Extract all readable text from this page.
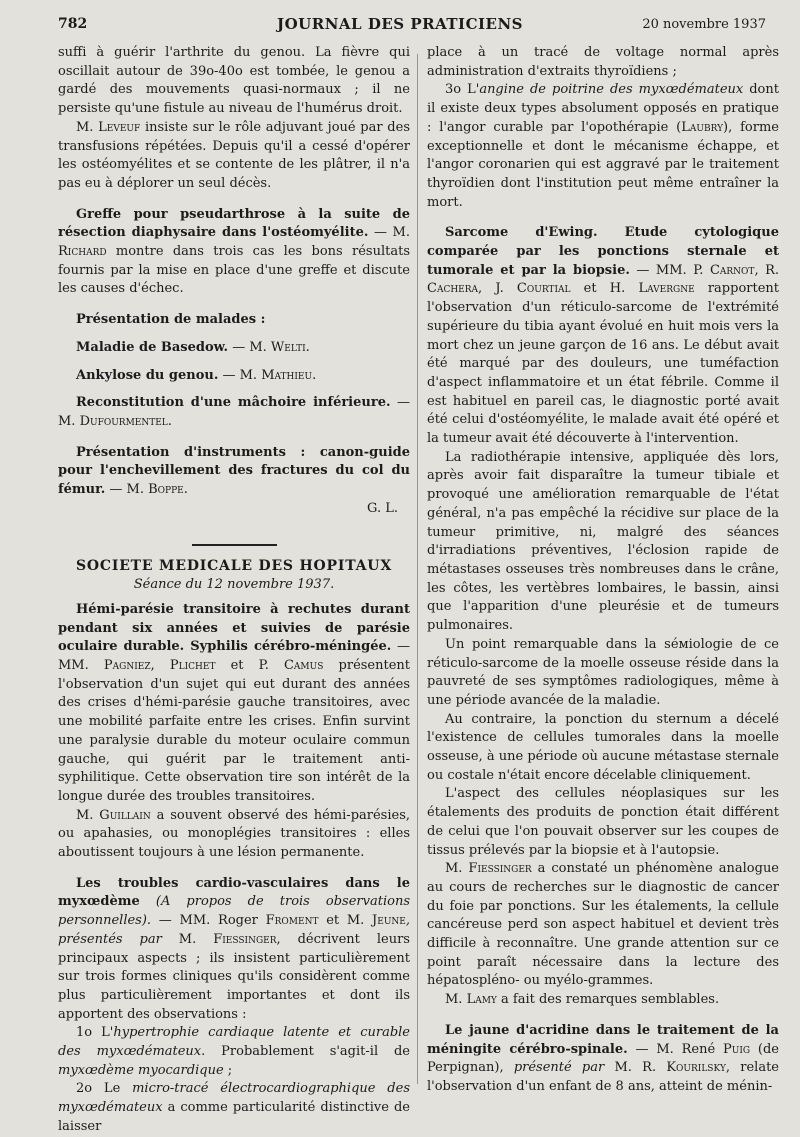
782	JOURNAL DES PRATICIENS	20 novembre 1937

suffi à guérir l'arthrite du genou. La fièvre qui oscillait autour de 39o-40o est tombée, le genou a gardé des mouvements quasi-normaux ; il ne persiste qu'une fistule au niveau de l'humérus droit.

M. Leveuf insiste sur le rôle adjuvant joué par des transfusions répétées. Depuis qu'il a cessé d'opérer les ostéomyélites et se contente de les plâtrer, il n'a pas eu à déplorer un seul décès.

Greffe pour pseudarthrose à la suite de résection diaphysaire dans l'ostéomyélite. — M. Richard montre dans trois cas les bons résultats fournis par la mise en place d'une greffe et discute les causes d'échec.

Présentation de malades :

Maladie de Basedow. — M. Welti.

Ankylose du genou. — M. Mathieu.

Reconstitution d'une mâchoire inférieure. — M. Dufourmentel.

Présentation d'instruments : canon-guide pour l'enchevillement des fractures du col du fémur. — M. Boppe.

G. L.

SOCIETE MEDICALE DES HOPITAUX

Séance du 12 novembre 1937.

Hémi-parésie transitoire à rechutes durant pendant six années et suivies de parésie oculaire durable. Syphilis cérébro-méningée. — MM. Pagniez, Plichet et P. Camus présentent l'observation d'un sujet qui eut durant des années des crises d'hémi-parésie gauche transitoires, avec une mobilité parfaite entre les crises. Enfin survint une paralysie durable du moteur oculaire commun gauche, qui guérit par le traitement anti-syphilitique. Cette observation tire son intérêt de la longue durée des troubles transitoires.

M. Guillain a souvent observé des hémi-parésies, ou apahasies, ou monoplégies transitoires : elles aboutissent toujours à une lésion permanente.

Les troubles cardio-vasculaires dans le myxœdème (A propos de trois observations personnelles). — MM. Roger Froment et M. Jeune, présentés par M. Fiessinger, décrivent leurs principaux aspects ; ils insistent particulièrement sur trois formes cliniques qu'ils considèrent comme plus particulièrement importantes et dont ils apportent des observations :

1o L'hypertrophie cardiaque latente et curable des myxœdémateux. Probablement s'agit-il de myxœdème myocardique ;

2o Le micro-tracé électrocardiographique des myxœdémateux a comme particularité distinctive de laisser

place à un tracé de voltage normal après administration d'extraits thyroïdiens ;

3o L'angine de poitrine des myxœdémateux dont il existe deux types absolument opposés en pratique : l'angor curable par l'opothérapie (Laubry), forme exceptionnelle et dont le mécanisme échappe, et l'angor coronarien qui est aggravé par le traitement thyroïdien dont l'institution peut même entraîner la mort.

Sarcome d'Ewing. Etude cytologique comparée par les ponctions sternale et tumorale et par la biopsie. — MM. P. Carnot, R. Cachera, J. Courtial et H. Lavergne rapportent l'observation d'un réticulo-sarcome de l'extrémité supérieure du tibia ayant évolué en huit mois vers la mort chez un jeune garçon de 16 ans. Le début avait été marqué par des douleurs, une tuméfaction d'aspect inflammatoire et un état fébrile. Comme il est habituel en pareil cas, le diagnostic porté avait été celui d'ostéomyélite, le malade avait été opéré et la tumeur avait été découverte à l'intervention.

La radiothérapie intensive, appliquée dès lors, après avoir fait disparaître la tumeur tibiale et provoqué une amélioration remarquable de l'état général, n'a pas empêché la récidive sur place de la tumeur primitive, ni, malgré des séances d'irradiations préventives, l'éclosion rapide de métastases osseuses très nombreuses dans le crâne, les côtes, les vertèbres lombaires, le bassin, ainsi que l'apparition d'une pleurésie et de tumeurs pulmonaires.

Un point remarquable dans la séміologie de ce réticulo-sarcome de la moelle osseuse réside dans la pauvreté de ses symptômes radiologiques, même à une période avancée de la maladie.

Au contraire, la ponction du sternum a décelé l'existence de cellules tumorales dans la moelle osseuse, à une période où aucune métastase sternale ou costale n'était encore décelable cliniquement.

L'aspect des cellules néoplasiques sur les étalements des produits de ponction était différent de celui que l'on pouvait observer sur les coupes de tissus prélevés par la biopsie et à l'autopsie.

M. Fiessinger a constaté un phénomène analogue au cours de recherches sur le diagnostic de cancer du foie par ponctions. Sur les étalements, la cellule cancéreuse perd son aspect habituel et devient très difficile à reconnaître. Une grande attention sur ce point paraît nécessaire dans la lecture des hépatospléno- ou myélo-grammes.

M. Lamy a fait des remarques semblables.

Le jaune d'acridine dans le traitement de la méningite cérébro-spinale. — M. René Puig (de Perpignan), présenté par M. R. Kourilsky, relate l'observation d'un enfant de 8 ans, atteint de ménin-
